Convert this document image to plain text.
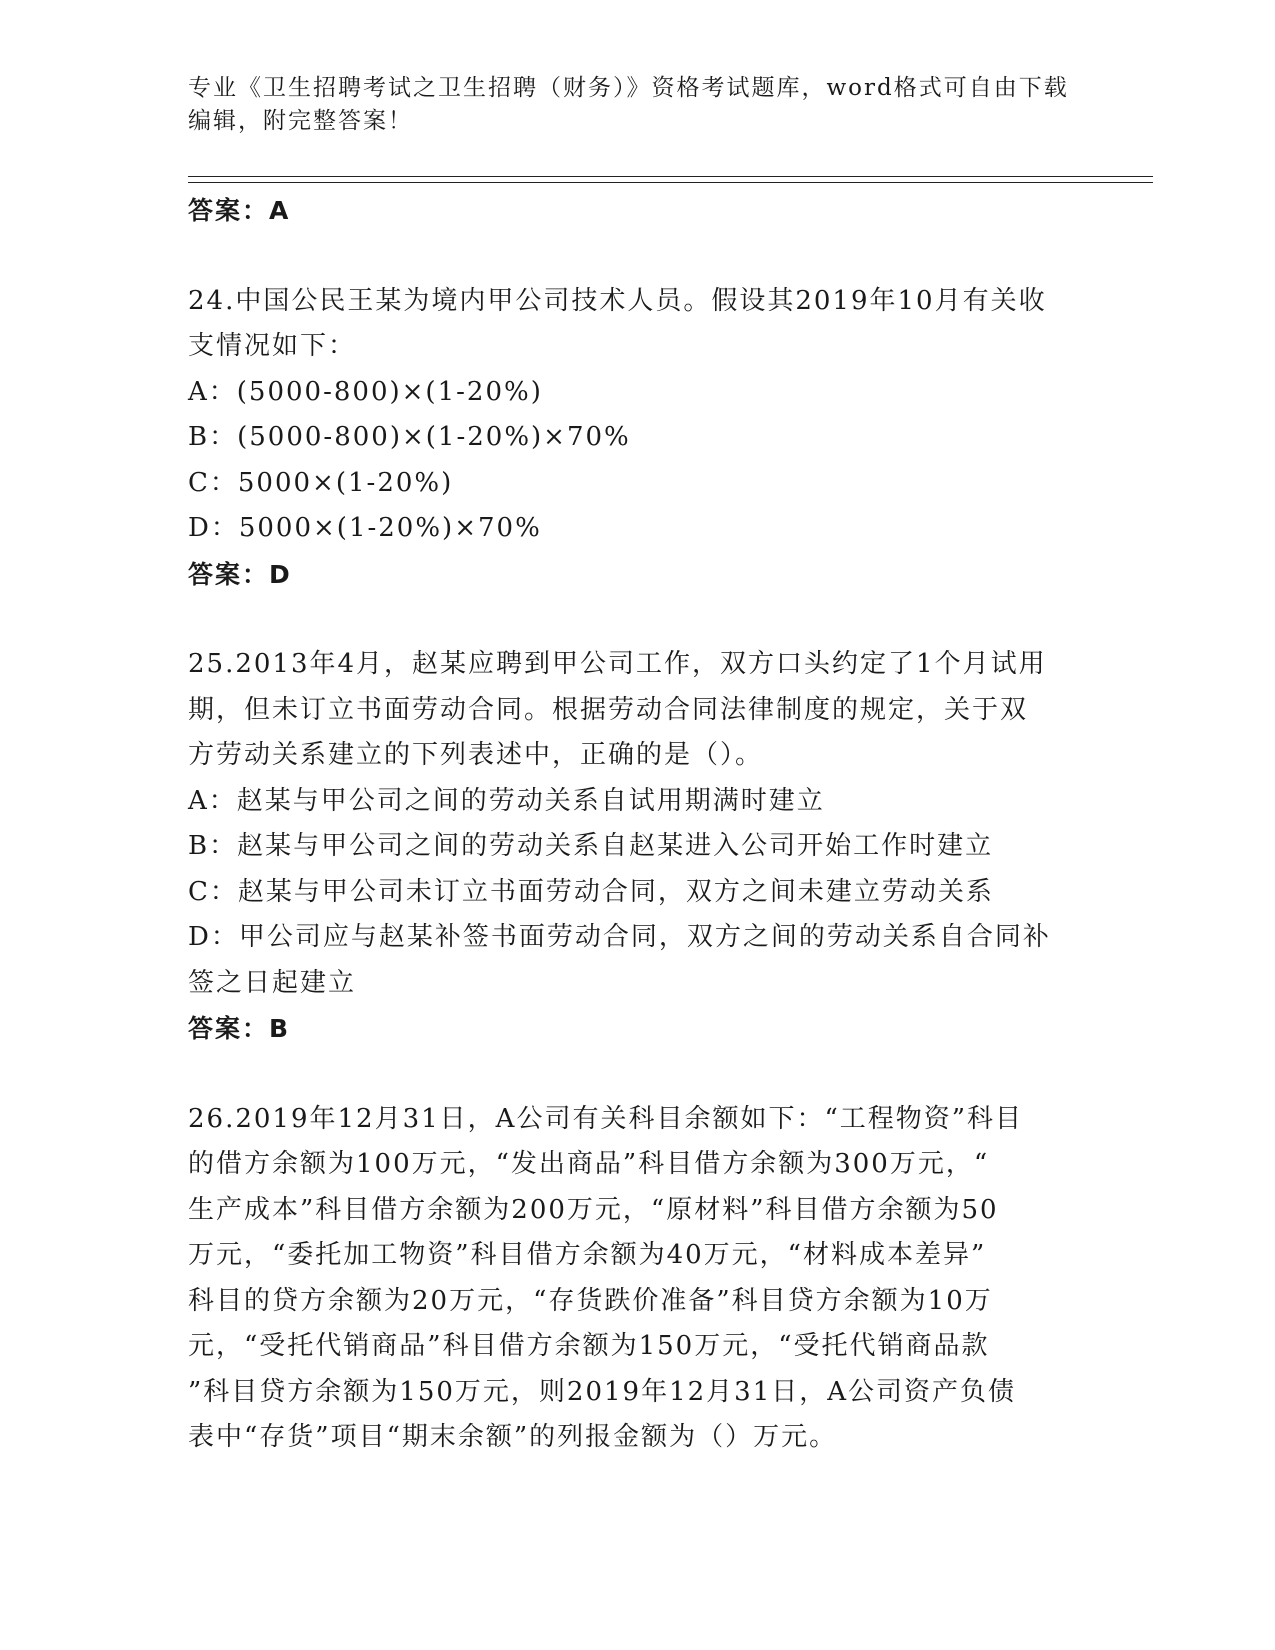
专业《卫生招聘考试之卫生招聘（财务）》资格考试题库，word格式可自由下载
编辑，附完整答案！
答案：A
24.中国公民王某为境内甲公司技术人员。假设其2019年10月有关收
支情况如下：
A：(5000-800)×(1-20%)
B：(5000-800)×(1-20%)×70%
C：5000×(1-20%)
D：5000×(1-20%)×70%
答案：D
25.2013年4月，赵某应聘到甲公司工作，双方口头约定了1个月试用
期，但未订立书面劳动合同。根据劳动合同法律制度的规定，关于双
方劳动关系建立的下列表述中，正确的是（）。
A：赵某与甲公司之间的劳动关系自试用期满时建立
B：赵某与甲公司之间的劳动关系自赵某进入公司开始工作时建立
C：赵某与甲公司未订立书面劳动合同，双方之间未建立劳动关系
D：甲公司应与赵某补签书面劳动合同，双方之间的劳动关系自合同补
签之日起建立
答案：B
26.2019年12月31日，A公司有关科目余额如下：“工程物资”科目
的借方余额为100万元，“发出商品”科目借方余额为300万元，“
生产成本”科目借方余额为200万元，“原材料”科目借方余额为50
万元，“委托加工物资”科目借方余额为40万元，“材料成本差异”
科目的贷方余额为20万元，“存货跌价准备”科目贷方余额为10万
元，“受托代销商品”科目借方余额为150万元，“受托代销商品款
”科目贷方余额为150万元，则2019年12月31日，A公司资产负债
表中“存货”项目“期末余额”的列报金额为（）万元。
